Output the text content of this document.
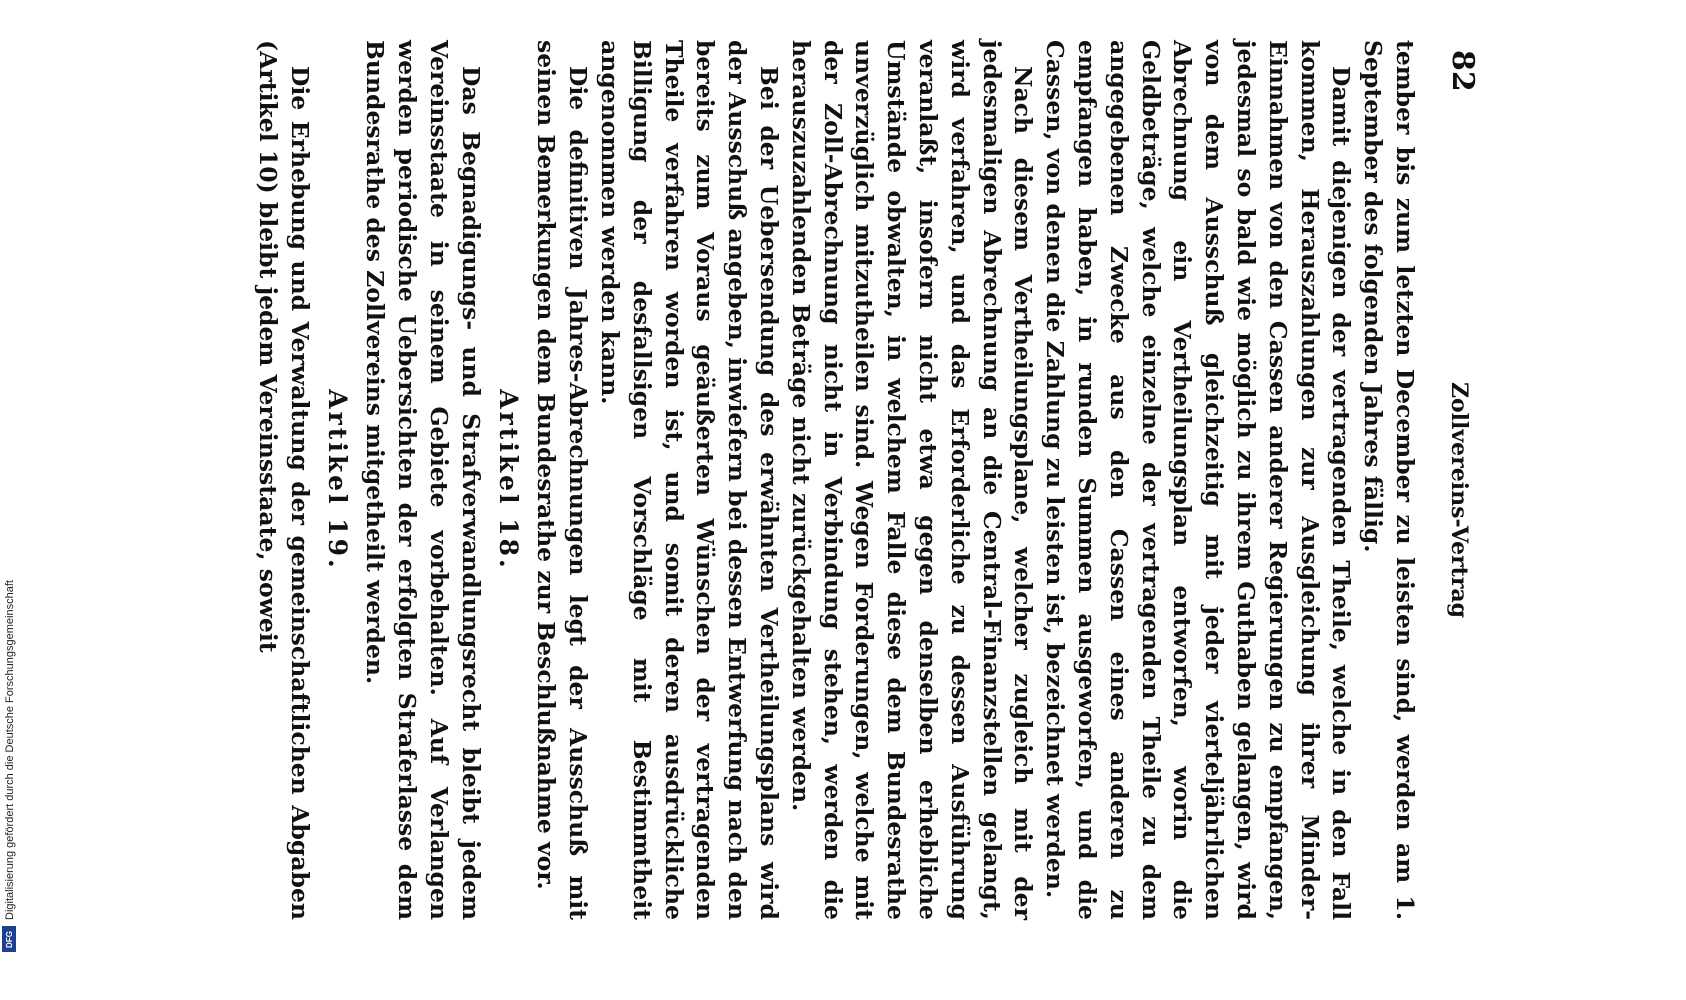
82
Zollvereins-Vertrag

tember bis zum letzten December zu leisten sind, werden am 1. September des folgenden Jahres fällig.

Damit diejenigen der vertragenden Theile, welche in den Fall kommen, Herauszahlungen zur Ausgleichung ihrer Minder-Einnahmen von den Cassen anderer Regierungen zu empfangen, jedesmal so bald wie möglich zu ihrem Guthaben gelangen, wird von dem Ausschuß gleichzeitig mit jeder vierteljährlichen Abrechnung ein Vertheilungsplan entworfen, worin die Geldbeträge, welche einzelne der vertragenden Theile zu dem angegebenen Zwecke aus den Cassen eines anderen zu empfangen haben, in runden Summen ausgeworfen, und die Cassen, von denen die Zahlung zu leisten ist, bezeichnet werden.

Nach diesem Vertheilungsplane, welcher zugleich mit der jedesmaligen Abrechnung an die Central-Finanzstellen gelangt, wird verfahren, und das Erforderliche zu dessen Ausführung veranlaßt, insofern nicht etwa gegen denselben erhebliche Umstände obwalten, in welchem Falle diese dem Bundesrathe unverzüglich mitzutheilen sind. Wegen Forderungen, welche mit der Zoll-Abrechnung nicht in Verbindung stehen, werden die herauszuzahlenden Beträge nicht zurückgehalten werden.

Bei der Uebersendung des erwähnten Vertheilungsplans wird der Ausschuß angeben, inwiefern bei dessen Entwerfung nach den bereits zum Voraus geäußerten Wünschen der vertragenden Theile verfahren worden ist, und somit deren ausdrückliche Billigung der desfallsigen Vorschläge mit Bestimmtheit angenommen werden kann.

Die definitiven Jahres-Abrechnungen legt der Ausschuß mit seinen Bemerkungen dem Bundesrathe zur Beschlußnahme vor.

Artikel 18.

Das Begnadigungs- und Strafverwandlungsrecht bleibt jedem Vereinsstaate in seinem Gebiete vorbehalten. Auf Verlangen werden periodische Uebersichten der erfolgten Straferlasse dem Bundesrathe des Zollvereins mitgetheilt werden.

Artikel 19.

Die Erhebung und Verwaltung der gemeinschaftlichen Abgaben (Artikel 10) bleibt jedem Vereinsstaate, soweit

Digitalisierung gefördert durch die Deutsche Forschungsgemeinschaft
DFG
